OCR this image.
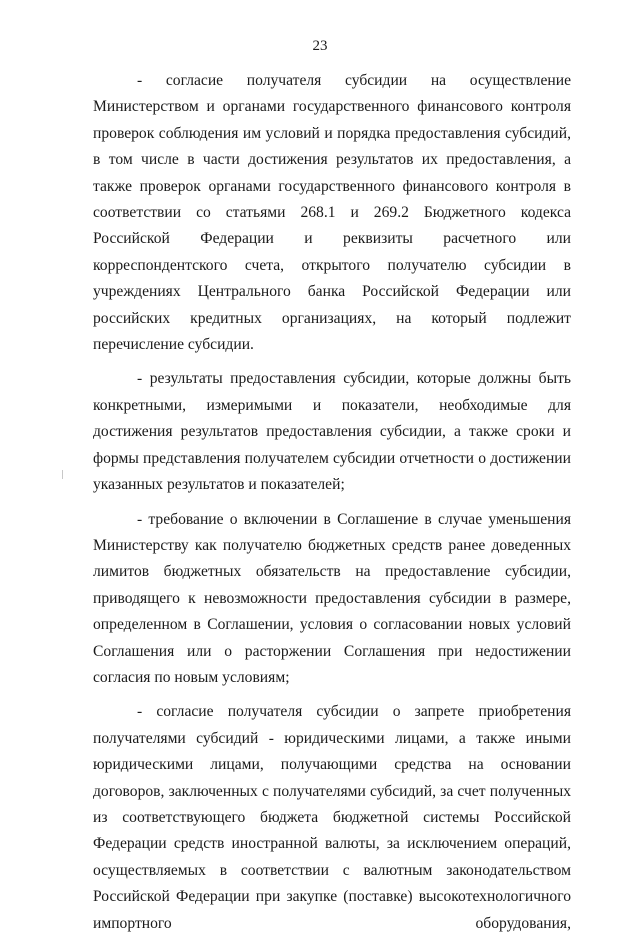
23

- согласие получателя субсидии на осуществление Министерством и органами государственного финансового контроля проверок соблюдения им условий и порядка предоставления субсидий, в том числе в части достижения результатов их предоставления, а также проверок органами государственного финансового контроля в соответствии со статьями 268.1 и 269.2 Бюджетного кодекса Российской Федерации и реквизиты расчетного или корреспондентского счета, открытого получателю субсидии в учреждениях Центрального банка Российской Федерации или российских кредитных организациях, на который подлежит перечисление субсидии.

- результаты предоставления субсидии, которые должны быть конкретными, измеримыми и показатели, необходимые для достижения результатов предоставления субсидии, а также сроки и формы представления получателем субсидии отчетности о достижении указанных результатов и показателей;

- требование о включении в Соглашение в случае уменьшения Министерству как получателю бюджетных средств ранее доведенных лимитов бюджетных обязательств на предоставление субсидии, приводящего к невозможности предоставления субсидии в размере, определенном в Соглашении, условия о согласовании новых условий Соглашения или о расторжении Соглашения при недостижении согласия по новым условиям;

- согласие получателя субсидии о запрете приобретения получателями субсидий - юридическими лицами, а также иными юридическими лицами, получающими средства на основании договоров, заключенных с получателями субсидий, за счет полученных из соответствующего бюджета бюджетной системы Российской Федерации средств иностранной валюты, за исключением операций, осуществляемых в соответствии с валютным законодательством Российской Федерации при закупке (поставке) высокотехнологичного импортного оборудования,
